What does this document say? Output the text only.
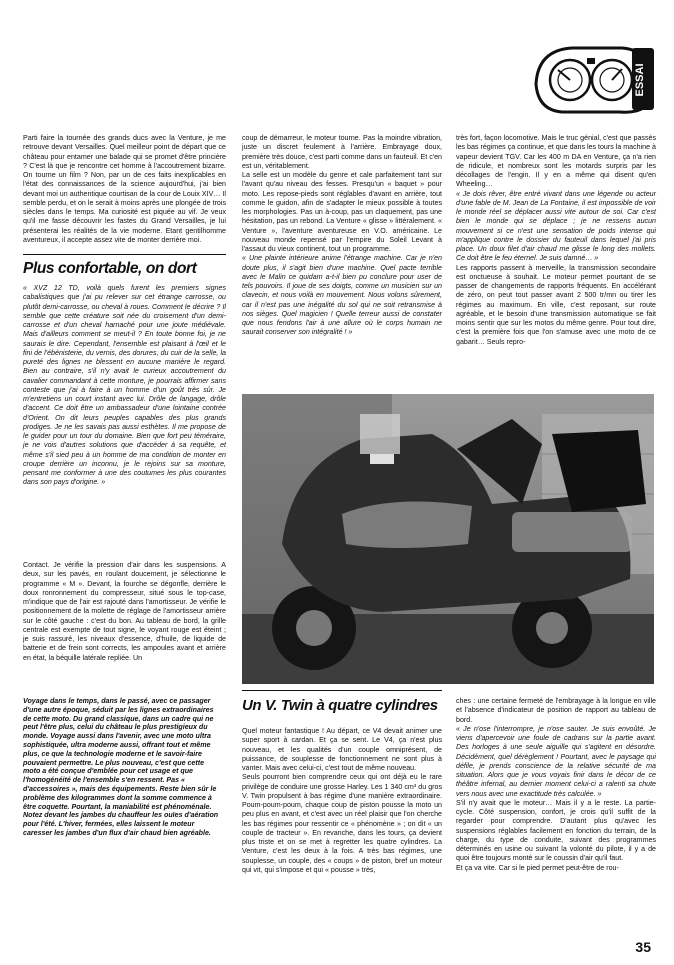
ESSAI

Parti faire la tournée des grands ducs avec la Venture, je me retrouve devant Versailles. Quel meilleur point de départ que ce château pour entamer une balade qui se promet d'être princière ? C'est là que je rencontre cet homme à l'accoutrement bizarre. On tourne un film ? Non, par un de ces faits inexplicables en l'état des connaissances de la science aujourd'hui, j'ai bien devant moi un authentique courtisan de la cour de Louix XIV… Il semble perdu, et on le serait à moins après une plongée de trois siècles dans le temps. Ma curiosité est piquée au vif. Je veux qu'il me fasse découvrir les fastes du Grand Versailles, je lui présenterai les réalités de la vie moderne. Etant gentilhomme aventureux, il accepte assez vite de monter derrière moi.

Plus confortable, on dort

« XVZ 12 TD, voilà quels furent les premiers signes cabalistiques que j'ai pu relever sur cet étrange carrosse, ou plutôt demi-carrosse, ou cheval à roues. Comment le décrire ? Il semble que cette créature soit née du croisement d'un demi-carrosse et d'un cheval harnaché pour une joute médiévale. Mais d'ailleurs comment se meut-il ? En toute bonne foi, je ne saurais le dire. Cependant, l'ensemble est plaisant à l'œil et le fini de l'ébénisterie, du vernis, des dorures, du cuir de la selle, la pureté des lignes ne blessent en aucune manière le regard. Bien au contraire, s'il n'y avait le curieux accoutrement du cavalier commandant à cette monture, je pourrais affirmer sans conteste que j'ai à faire à un homme d'un goût très sûr. Je m'entretiens un court instant avec lui. Drôle de langage, drôle d'accent. Ce doit être un ambassadeur d'une lointaine contrée d'Orient. On dit leurs peuples capables des plus grands prodiges. Je ne les savais pas aussi esthètes. Il me propose de le guider pour un tour du domaine. Bien que fort peu téméraire, je ne vois d'autres solutions que d'accéder à sa requête, et même s'il sied peu à un homme de ma condition de monter en croupe derrière un inconnu, je le rejoins sur sa monture, pensant me conformer à une des coutumes les plus courantes dans son pays d'origine. »

Contact. Je vérifie la pression d'air dans les suspensions. A deux, sur les pavés, en roulant doucement, je sélectionne le programme « M ». Devant, la fourche se dégonfle, derrière le doux ronronnement du compresseur, situé sous le top-case, m'indique que de l'air est rajouté dans l'amortisseur. Je vérifie le positionnement de la molette de réglage de l'amortisseur arrière sur le côté gauche : c'est du bon. Au tableau de bord, la grille centrale est exempte de tout signe, le voyant rouge est éteint ; je suis rassuré, les niveaux d'essence, d'huile, de liquide de batterie et de frein sont corrects, les ampoules avant et arrière en état, la béquille latérale repliée. Un

coup de démarreur, le moteur tourne. Pas la moindre vibration, juste un discret feulement à l'arrière. Embrayage doux, première très douce, c'est parti comme dans un fauteuil. Et c'en est un, véritablement.

La selle est un modèle du genre et cale parfaitement tant sur l'avant qu'au niveau des fesses. Presqu'un « baquet » pour moto. Les repose-pieds sont réglables d'avant en arrière, tout comme le guidon, afin de s'adapter le mieux possible à toutes les morphologies. Pas un à-coup, pas un claquement, pas une hésitation, pas un rebond. La Venture « glisse » littéralement. « Venture », l'aventure aventureuse en V.O. américaine. Le nouveau monde repensé par l'empire du Soleil Levant à l'assaut du vieux continent, tout un programme.

« Une plainte intérieure anime l'étrange machine. Car je n'en doute plus, il s'agit bien d'une machine. Quel pacte terrible avec le Malin ce quidam a-t-il bien pu conclure pour user de tels pouvoirs. Il joue de ses doigts, comme un musicien sur un clavecin, et nous voilà en mouvement. Nous volons sûrement, car il n'est pas une inégalité du sol qui ne soit retransmise à nos sièges. Quel magicien ! Quelle terreur aussi de constater que nous fendons l'air à une allure où le corps humain ne saurait conserver son intégralité ! »

très fort, façon locomotive. Mais le truc génial, c'est que passés les bas régimes ça continue, et que dans les tours la machine à vapeur devient TGV. Car les 400 m DA en Venture, ça n'a rien de ridicule, et nombreux sont les motards surpris par les décollages de l'engin. Il y en a même qui disent qu'en Wheeling…

« Je dois rêver, être entré vivant dans une légende ou acteur d'une fable de M. Jean de La Fontaine, il est impossible de voir le monde réel se déplacer aussi vite autour de soi. Car c'est bien le monde qui se déplace ; je ne ressens aucun mouvement si ce n'est une sensation de poids intense qui m'applique contre le dossier du fauteuil dans lequel j'ai pris place. Un doux filet d'air chaud me glisse le long des mollets. Ce doit être le feu éternel. Je suis damné… »

Les rapports passent à merveille, la transmission secondaire est onctueuse à souhait. Le moteur permet pourtant de se passer de changements de rapports fréquents. En accélérant de zéro, on peut tout passer avant 2 500 tr/mn ou tirer les régimes au maximum. En ville, c'est reposant, sur route agréable, et le besoin d'une transmission automatique se fait moins sentir que sur les motos du même genre. Pour tout dire, c'est la première fois que l'on s'amuse avec une moto de ce gabarit… Seuls repro-

Voyage dans le temps, dans le passé, avec ce passager d'une autre époque, séduit par les lignes extraordinaires de cette moto. Du grand classique, dans un cadre qui ne peut l'être plus, celui du château le plus prestigieux du monde. Voyage aussi dans l'avenir, avec une moto ultra sophistiquée, ultra moderne aussi, offrant tout et même plus, ce que la technologie moderne et le savoir-faire pouvaient permettre. Le plus nouveau, c'est que cette moto a été conçue d'emblée pour cet usage et que l'homogénéité de l'ensemble s'en ressent. Pas « d'accessoires », mais des équipements. Reste bien sûr le problème des kilogrammes dont la somme commence à être coquette. Pourtant, la maniabilité est phénoménale. Notez devant les jambes du chauffeur les ouïes d'aération pour l'été. L'hiver, fermées, elles laissent le moteur caresser les jambes d'un flux d'air chaud bien agréable.
Un V. Twin à quatre cylindres

Quel moteur fantastique ! Au départ, ce V4 devait animer une super sport à cardan. Et ça se sent. Le V4, ça n'est plus nouveau, et les qualités d'un couple omniprésent, de puissance, de souplesse de fonctionnement ne sont plus à vanter. Mais avec celui-ci, c'est tout de même nouveau.

Seuls pourront bien comprendre ceux qui ont déjà eu le rare privilège de conduire une grosse Harley. Les 1 340 cm³ du gros V. Twin propulsent à bas régime d'une manière extraordinaire. Poum-poum-poum, chaque coup de piston pousse la moto un peu plus en avant, et c'est avec un réel plaisir que l'on cherche les bas régimes pour ressentir ce « phénomène » ; on dit « un couple de tracteur ». En revanche, dans les tours, ça devient plus triste et on se met à regretter les quatre cylindres. La Venture, c'est les deux à la fois. A très bas régimes, une souplesse, un couple, des « coups » de piston, bref un moteur qui vit, qui s'impose et qui « pousse » très,

ches : une certaine fermeté de l'embrayage à la longue en ville et l'absence d'indicateur de position de rapport au tableau de bord.

« Je n'ose l'interrompre, je n'ose sauter. Je suis envoûté. Je viens d'apercevoir une foule de cadrans sur la partie avant. Des horloges à une seule aiguille qui s'agitent en désordre. Décidément, quel dérèglement ! Pourtant, avec le paysage qui défile, je prends conscience de la relative sécurité de ma situation. Alors que je vous voyais finir dans le décor de ce théâtre infernal, au dernier moment celui-ci a ralenti sa chute vers nous avec une exactitude très calculée. »

S'il n'y avait que le moteur… Mais il y a le reste. La partie-cycle. Côté suspension, confort, je crois qu'il suffit de la regarder pour comprendre. D'autant plus qu'avec les suspensions réglables facilement en fonction du terrain, de la charge, du type de conduite, suivant des programmes déterminés en usine ou suivant la volonté du pilote, il y a de quoi être toujours monté sur le coussin d'air qu'il faut.

Et ça va vite. Car si le pied permet peut-être de rou-

35
